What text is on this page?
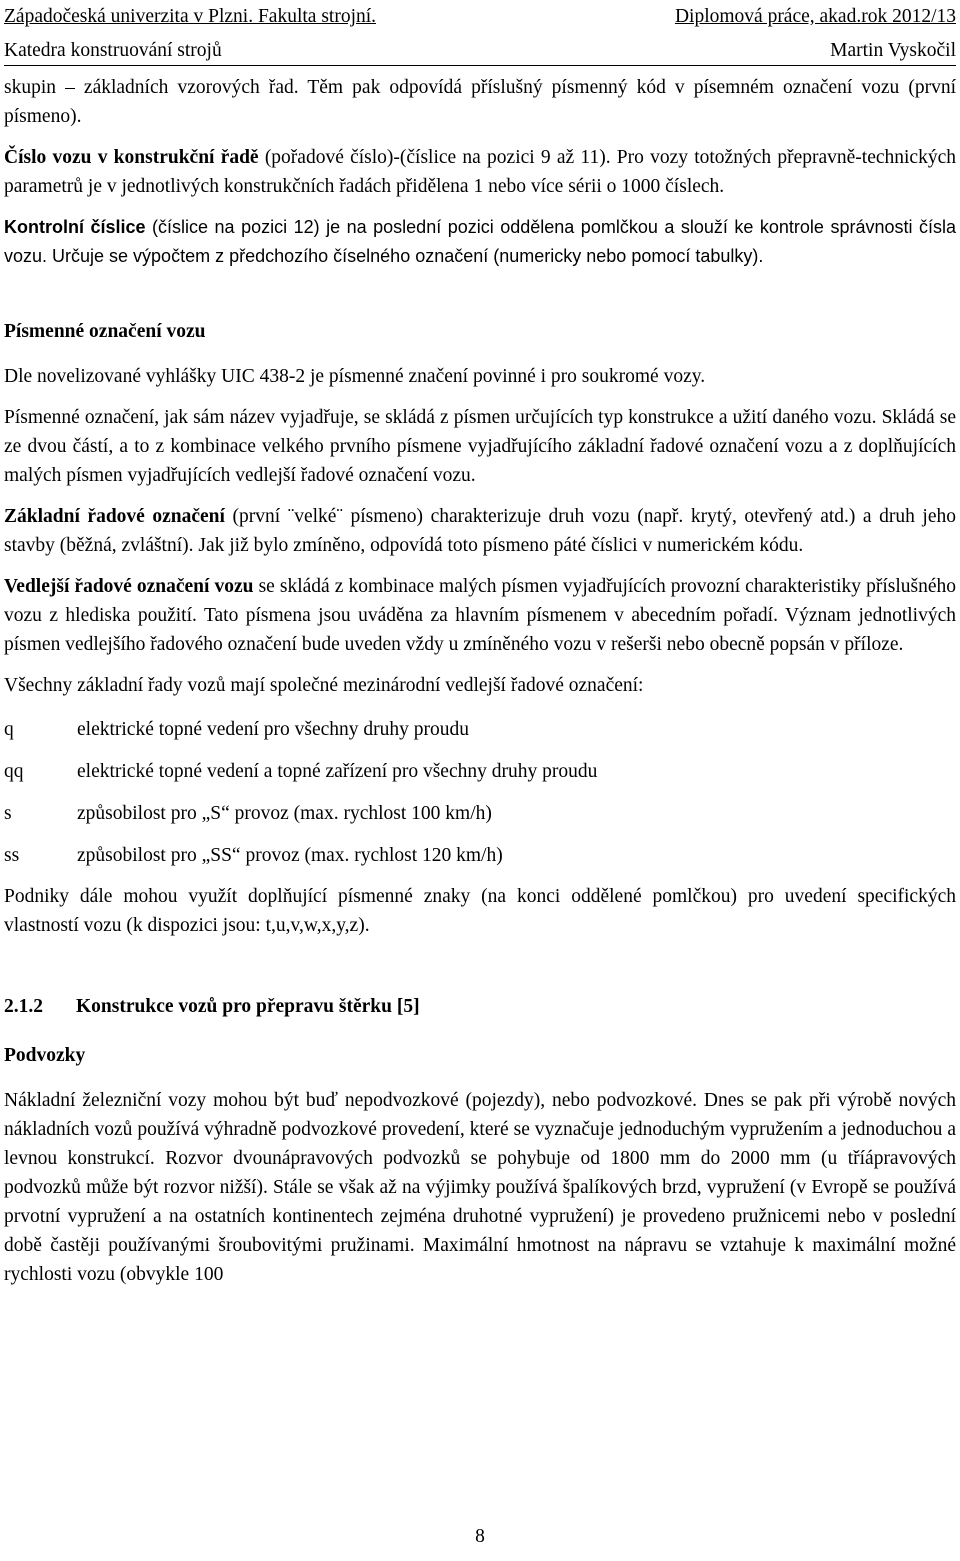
Západočeská univerzita v Plzni. Fakulta strojní.	Diplomová práce, akad.rok 2012/13
Katedra konstruování strojů	Martin Vyskočil

skupin – základních vzorových řad. Těm pak odpovídá příslušný písmenný kód v písemném označení vozu (první písmeno).

Číslo vozu v konstrukční řadě (pořadové číslo)-(číslice na pozici 9 až 11). Pro vozy totožných přepravně-technických parametrů je v jednotlivých konstrukčních řadách přidělena 1 nebo více sérii o 1000 číslech.

Kontrolní číslice (číslice na pozici 12) je na poslední pozici oddělena pomlčkou a slouží ke kontrole správnosti čísla vozu. Určuje se výpočtem z předchozího číselného označení (numericky nebo pomocí tabulky).

Písmenné označení vozu

Dle novelizované vyhlášky UIC 438-2 je písmenné značení povinné i pro soukromé vozy.

Písmenné označení, jak sám název vyjadřuje, se skládá z písmen určujících typ konstrukce a užití daného vozu. Skládá se ze dvou částí, a to z kombinace velkého prvního písmene vyjadřujícího základní řadové označení vozu a z doplňujících malých písmen vyjadřujících vedlejší řadové označení vozu.

Základní řadové označení (první ¨velké¨ písmeno) charakterizuje druh vozu (např. krytý, otevřený atd.) a druh jeho stavby (běžná, zvláštní). Jak již bylo zmíněno, odpovídá toto písmeno páté číslici v numerickém kódu.

Vedlejší řadové označení vozu se skládá z kombinace malých písmen vyjadřujících provozní charakteristiky příslušného vozu z hlediska použití. Tato písmena jsou uváděna za hlavním písmenem v abecedním pořadí. Význam jednotlivých písmen vedlejšího řadového označení bude uveden vždy u zmíněného vozu v rešerši nebo obecně popsán v příloze.

Všechny základní řady vozů mají společné mezinárodní vedlejší řadové označení:

q	elektrické topné vedení pro všechny druhy proudu
qq	elektrické topné vedení a topné zařízení pro všechny druhy proudu
s	způsobilost pro „S“ provoz (max. rychlost 100 km/h)
ss	způsobilost pro „SS“ provoz (max. rychlost 120 km/h)

Podniky dále mohou využít doplňující písmenné znaky (na konci oddělené pomlčkou) pro uvedení specifických vlastností vozu (k dispozici jsou: t,u,v,w,x,y,z).

2.1.2 Konstrukce vozů pro přepravu štěrku [5]
Podvozky

Nákladní železniční vozy mohou být buď nepodvozkové (pojezdy), nebo podvozkové. Dnes se pak při výrobě nových nákladních vozů používá výhradně podvozkové provedení, které se vyznačuje jednoduchým vypružením a jednoduchou a levnou konstrukcí. Rozvor dvounápravových podvozků se pohybuje od 1800 mm do 2000 mm (u tříápravových podvozků může být rozvor nižší). Stále se však až na výjimky používá špalíkových brzd, vypružení (v Evropě se používá prvotní vypružení a na ostatních kontinentech zejména druhotné vypružení) je provedeno pružnicemi nebo v poslední době častěji používanými šroubovitými pružinami. Maximální hmotnost na nápravu se vztahuje k maximální možné rychlosti vozu (obvykle 100

8
